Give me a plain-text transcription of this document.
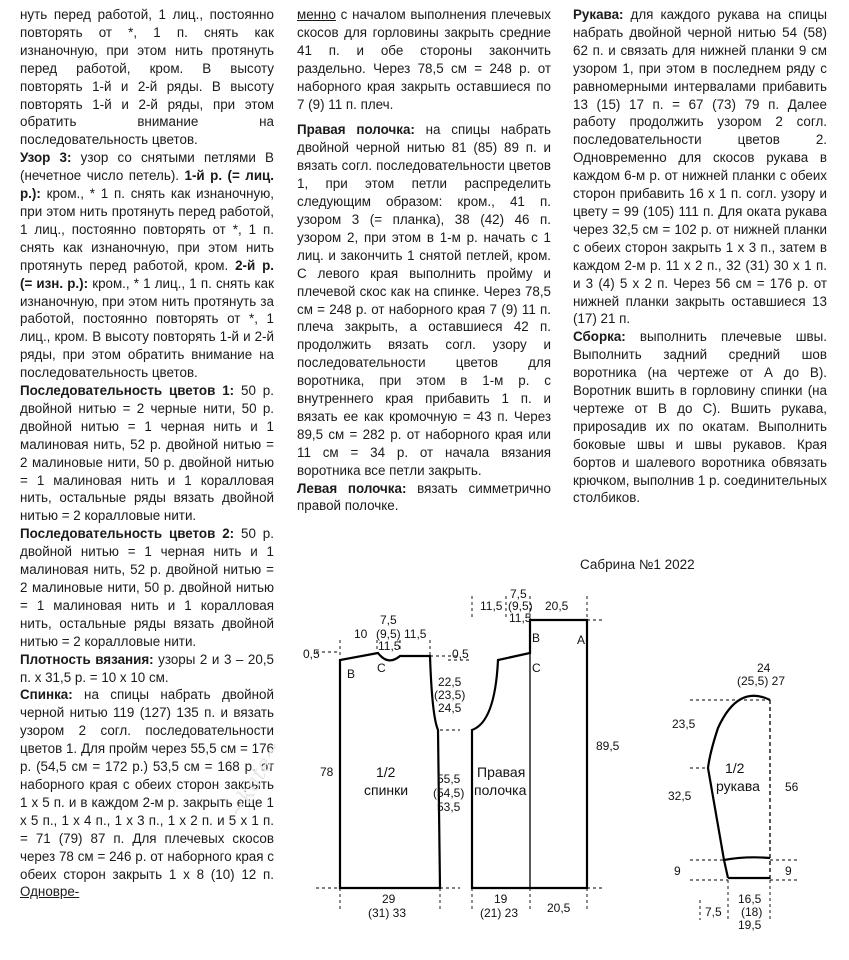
нуть перед работой, 1 лиц., постоянно повторять от *, 1 п. снять как изнаночную, при этом нить протянуть перед работой, кром. В высоту повторять 1-й и 2-й ряды. В высоту повторять 1-й и 2-й ряды, при этом обратить внимание на последовательность цветов.

Узор 3: узор со снятыми петлями В (нечетное число петель). 1-й р. (= лиц. р.): кром., * 1 п. снять как изнаночную, при этом нить протянуть перед работой, 1 лиц., постоянно повторять от *, 1 п. снять как изнаночную, при этом нить протянуть перед работой, кром. 2-й р. (= изн. р.): кром., * 1 лиц., 1 п. снять как изнаночную, при этом нить протянуть за работой, постоянно повторять от *, 1 лиц., кром. В высоту повторять 1-й и 2-й ряды, при этом обратить внимание на последовательность цветов.

Последовательность цветов 1: 50 р. двойной нитью = 2 черные нити, 50 р. двойной нитью = 1 черная нить и 1 малиновая нить, 52 р. двойной нитью = 2 малиновые нити, 50 р. двойной нитью = 1 малиновая нить и 1 коралловая нить, остальные ряды вязать двойной нитью = 2 коралловые нити.

Последовательность цветов 2: 50 р. двойной нитью = 1 черная нить и 1 малиновая нить, 52 р. двойной нитью = 2 малиновые нити, 50 р. двойной нитью = 1 малиновая нить и 1 коралловая нить, остальные ряды вязать двойной нитью = 2 коралловые нити.

Плотность вязания: узоры 2 и 3 – 20,5 п. х 31,5 р. = 10 х 10 см.

Спинка: на спицы набрать двойной черной нитью 119 (127) 135 п. и вязать узором 2 согл. последовательности цветов 1. Для пройм через 55,5 см = 176 р. (54,5 см = 172 р.) 53,5 см = 168 р. от наборного края с обеих сторон закрыть 1 х 5 п. и в каждом 2-м р. закрыть еще 1 х 5 п., 1 х 4 п., 1 х 3 п., 1 х 2 п. и 5 х 1 п. = 71 (79) 87 п. Для плечевых скосов через 78 см = 246 р. от наборного края с обеих сторон закрыть 1 х 8 (10) 12 п. Одновре-

менно с началом выполнения плечевых скосов для горловины закрыть средние 41 п. и обе стороны закончить раздельно. Через 78,5 см = 248 р. от наборного края закрыть оставшиеся по 7 (9) 11 п. плеч.

Правая полочка: на спицы набрать двойной черной нитью 81 (85) 89 п. и вязать согл. последовательности цветов 1, при этом петли распределить следующим образом: кром., 41 п. узором 3 (= планка), 38 (42) 46 п. узором 2, при этом в 1-м р. начать с 1 лиц. и закончить 1 снятой петлей, кром. С левого края выполнить пройму и плечевой скос как на спинке. Через 78,5 см = 248 р. от наборного края 7 (9) 11 п. плеча закрыть, а оставшиеся 42 п. продолжить вязать согл. узору и последовательности цветов для воротника, при этом в 1-м р. с внутреннего края прибавить 1 п. и вязать ее как кромочную = 43 п. Через 89,5 см = 282 р. от наборного края или 11 см = 34 р. от начала вязания воротника все петли закрыть.

Левая полочка: вязать симметрично правой полочке.

Рукава: для каждого рукава на спицы набрать двойной черной нитью 54 (58) 62 п. и связать для нижней планки 9 см узором 1, при этом в последнем ряду с равномерными интервалами прибавить 13 (15) 17 п. = 67 (73) 79 п. Далее работу продолжить узором 2 согл. последовательности цветов 2. Одновременно для скосов рукава в каждом 6-м р. от нижней планки с обеих сторон прибавить 16 х 1 п. согл. узору и цвету = 99 (105) 111 п. Для оката рукава через 32,5 см = 102 р. от нижней планки с обеих сторон закрыть 1 х 3 п., затем в каждом 2-м р. 11 х 2 п., 32 (31) 30 х 1 п. и 3 (4) 5 х 2 п. Через 56 см = 176 р. от нижней планки закрыть оставшиеся 13 (17) 21 п.

Сборка: выполнить плечевые швы. Выполнить задний средний шов воротника (на чертеже от А до В). Воротник вшить в горловину спинки (на чертеже от В до С). Вшить рукава, приposадив их по окатам. Выполнить боковые швы и швы рукавов. Края бортов и шалевого воротника обвязать крючком, выполнив 1 р. соединительных столбиков.

Сабрина №1 2022
~kate~
10
7,5
(9,5)
11,5
11,5
0,5
B C
22,5
(23,5)
24,5
78	55,5
(54,5)
53,5
1/2
спинки
29
(31) 33
0,5
11,5
7,5
(9,5)
11,5
20,5
B	A
C
89,5
Правая
полочка
19
(21) 23 20,5
24
(25,5) 27
23,5
32,5
9
56
9
1/2
рукава
7,5
16,5
(18)
19,5
